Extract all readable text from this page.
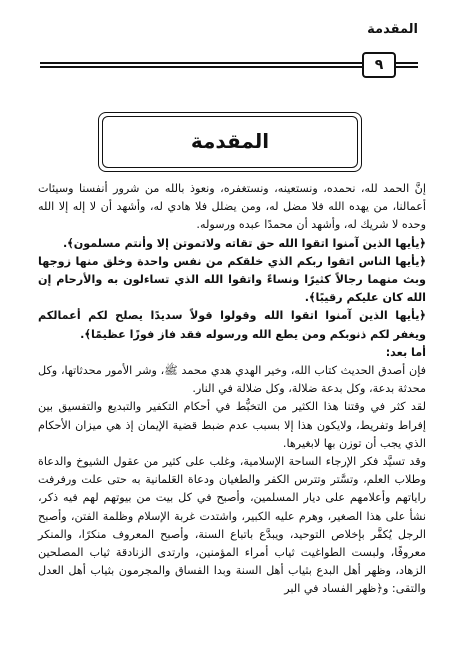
المقدمة
٩
المقدمة

إنَّ الحمد لله، نحمده، ونستعينه، ونستغفره، ونعوذ بالله من شرور أنفسنا وسيئات أعمالنا، من يهده الله فلا مضل له، ومن يضلل فلا هادي له، وأشهد أن لا إله إلا الله وحده لا شريك له، وأشهد أن محمدًا عبده ورسوله.

﴿يأيها الذين آمنوا اتقوا الله حق تقاته ولاتموتن إلا وأنتم مسلمون﴾.

﴿يأيها الناس اتقوا ربكم الذي خلقكم من نفس واحدة وخلق منها زوجها وبث منهما رجالاً كثيرًا ونساءً واتقوا الله الذي تساءلون به والأرحام إن الله كان عليكم رقيبًا﴾.

﴿يأيها الذين آمنوا اتقوا الله وقولوا قولاً سديدًا يصلح لكم أعمالكم ويغفر لكم ذنوبكم ومن يطع الله ورسوله فقد فاز فوزًا عظيمًا﴾.

أما بعد:

فإن أصدق الحديث كتاب الله، وخير الهدي هدي محمد ﷺ، وشر الأمور محدثاتها، وكل محدثة بدعة، وكل بدعة ضلالة، وكل ضلالة في النار.

لقد كثر في وقتنا هذا الكثير من التخبُّط في أحكام التكفير والتبديع والتفسيق بين إفراط وتفريط، ولايكون هذا إلا بسبب عدم ضبط قضية الإيمان إذ هي ميزان الأحكام الذي يجب أن توزن بها لابغيرها.

وقد تسيَّد فكر الإرجاء الساحة الإسلامية، وغلب على كثير من عقول الشيوخ والدعاة وطلاب العلم، وتسَّتر وتترس الكفر والطغيان ودعاة العَلمانية به حتى علت ورفرفت راياتهم وأعلامهم على ديار المسلمين، وأصبح في كل بيت من بيوتهم لهم فيه ذكر، نشأ على هذا الصغير، وهرم عليه الكبير، واشتدت غربة الإسلام وظلمة الفتن، وأصبح الرجل يُكفَّر بإخلاص التوحيد، ويبدَّع باتباع السنة، وأصبح المعروف منكرًا، والمنكر معروفًا، ولبست الطواغيت ثياب أمراء المؤمنين، وارتدى الزنادقة ثياب المصلحين الزهاد، وظهر أهل البدع بثياب أهل السنة وبدا الفساق والمجرمون بثياب أهل العدل والتقى: و﴿ظهر الفساد في البر
